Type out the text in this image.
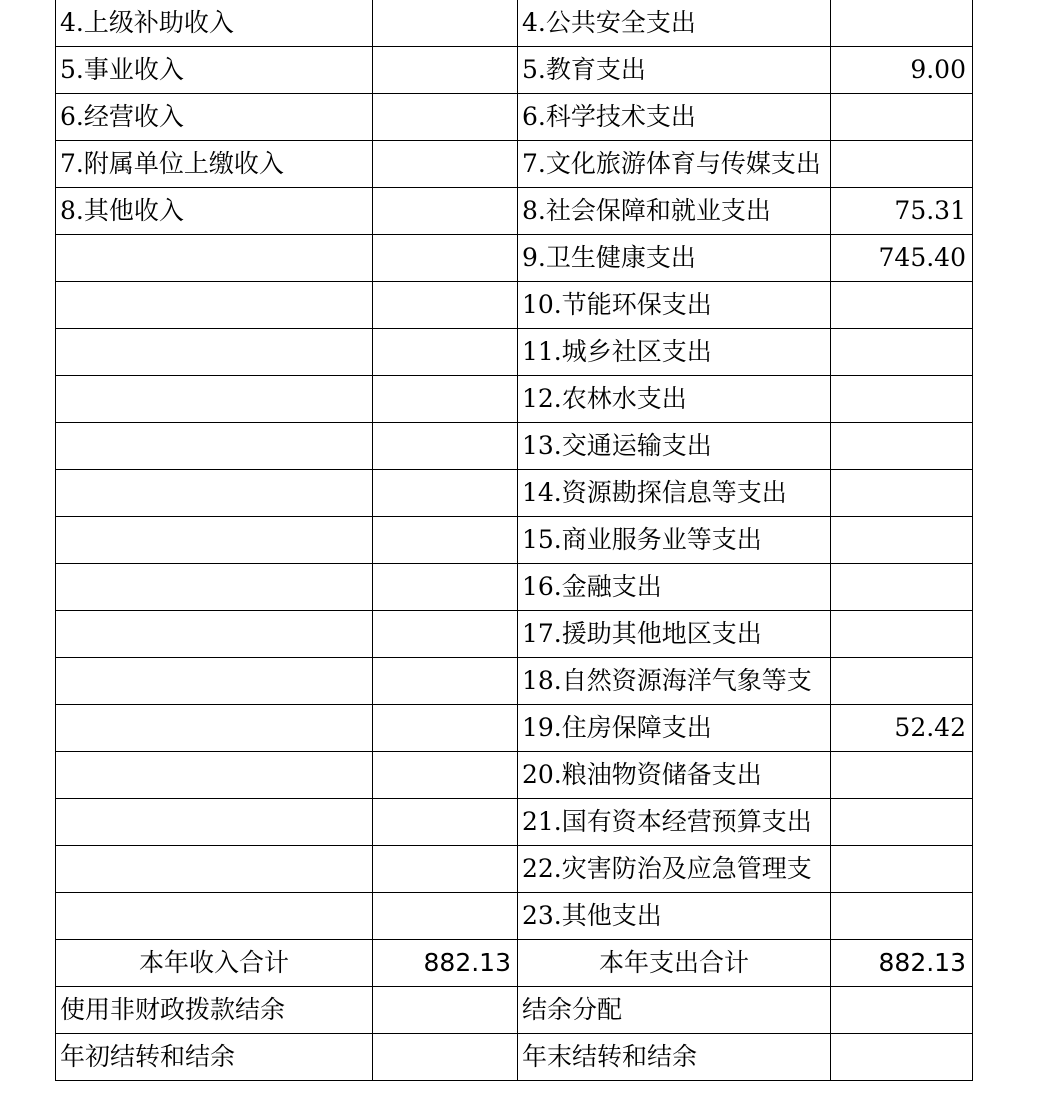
4.上级补助收入		4.公共安全支出	
5.事业收入		5.教育支出	9.00
6.经营收入		6.科学技术支出	
7.附属单位上缴收入		7.文化旅游体育与传媒支出	
8.其他收入		8.社会保障和就业支出	75.31
		9.卫生健康支出	745.40
		10.节能环保支出	
		11.城乡社区支出	
		12.农林水支出	
		13.交通运输支出	
		14.资源勘探信息等支出	
		15.商业服务业等支出	
		16.金融支出	
		17.援助其他地区支出	
		18.自然资源海洋气象等支	
		19.住房保障支出	52.42
		20.粮油物资储备支出	
		21.国有资本经营预算支出	
		22.灾害防治及应急管理支	
		23.其他支出	
本年收入合计	882.13	本年支出合计	882.13
使用非财政拨款结余		结余分配	
年初结转和结余		年末结转和结余	
